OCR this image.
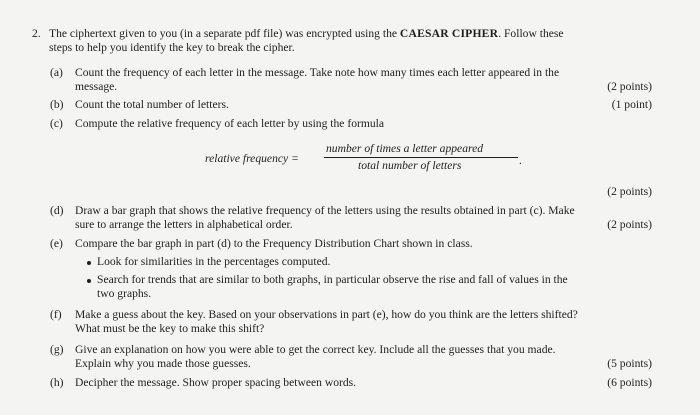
2. The ciphertext given to you (in a separate pdf file) was encrypted using the CAESAR CIPHER. Follow these
steps to help you identify the key to break the cipher.
(a) Count the frequency of each letter in the message. Take note how many times each letter appeared in the
message.	(2 points)
(b) Count the total number of letters.	(1 point)
(c) Compute the relative frequency of each letter by using the formula
relative frequency =
number of times a letter appeared
total number of letters	.
(2 points)
(d) Draw a bar graph that shows the relative frequency of the letters using the results obtained in part (c). Make
sure to arrange the letters in alphabetical order.	(2 points)
(e) Compare the bar graph in part (d) to the Frequency Distribution Chart shown in class.
Look for similarities in the percentages computed.
Search for trends that are similar to both graphs, in particular observe the rise and fall of values in the
two graphs.
(f) Make a guess about the key. Based on your observations in part (e), how do you think are the letters shifted?
What must be the key to make this shift?
(g) Give an explanation on how you were able to get the correct key. Include all the guesses that you made.
Explain why you made those guesses.	(5 points)
(h) Decipher the message. Show proper spacing between words.	(6 points)
